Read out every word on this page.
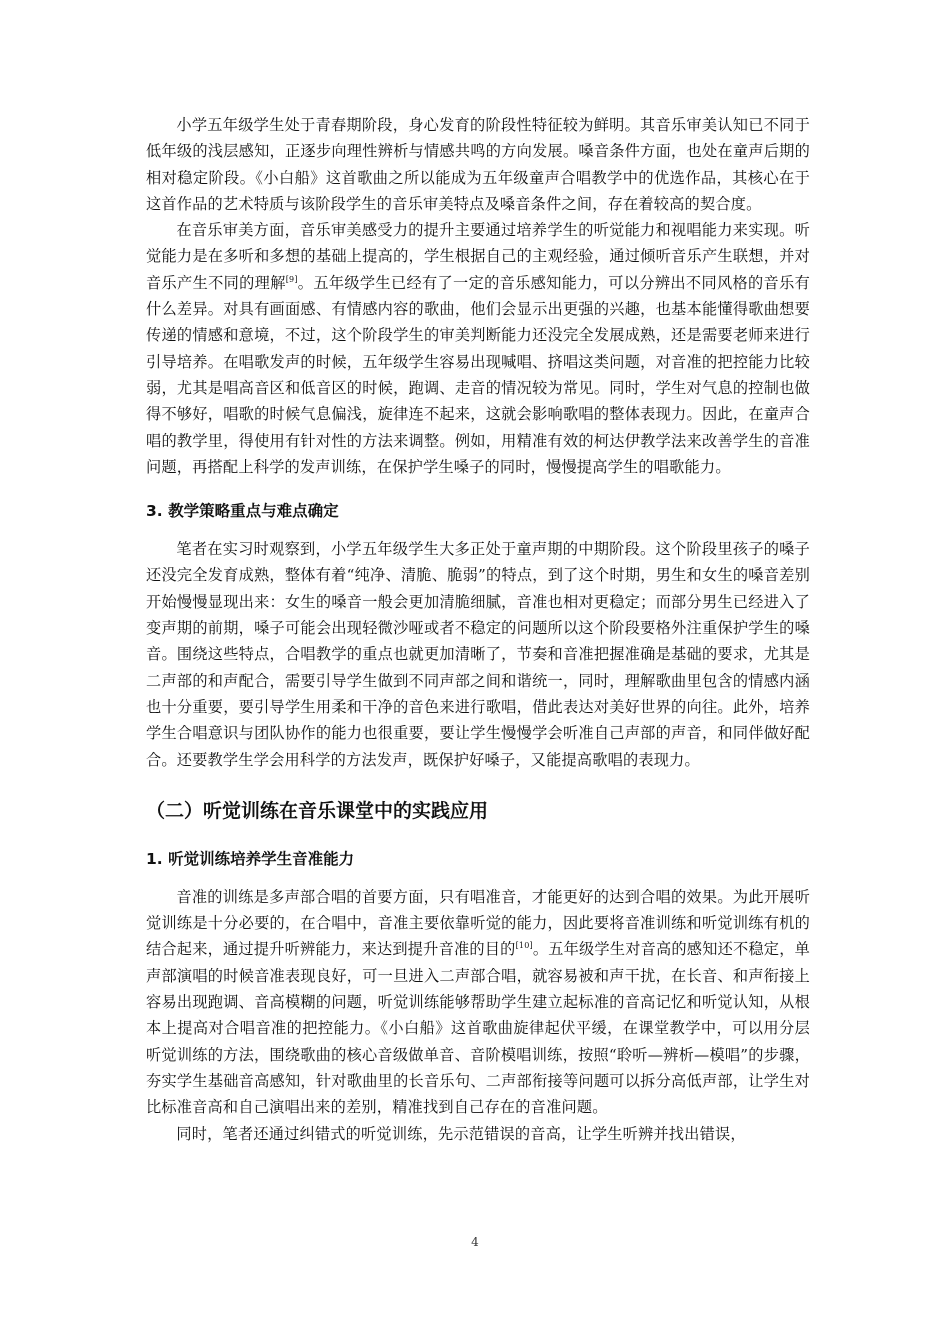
小学五年级学生处于青春期阶段，身心发育的阶段性特征较为鲜明。其音乐审美认知已不同于低年级的浅层感知，正逐步向理性辨析与情感共鸣的方向发展。嗓音条件方面，也处在童声后期的相对稳定阶段。《小白船》这首歌曲之所以能成为五年级童声合唱教学中的优选作品，其核心在于这首作品的艺术特质与该阶段学生的音乐审美特点及嗓音条件之间，存在着较高的契合度。

在音乐审美方面，音乐审美感受力的提升主要通过培养学生的听觉能力和视唱能力来实现。听觉能力是在多听和多想的基础上提高的，学生根据自己的主观经验，通过倾听音乐产生联想，并对音乐产生不同的理解[9]。五年级学生已经有了一定的音乐感知能力，可以分辨出不同风格的音乐有什么差异。对具有画面感、有情感内容的歌曲，他们会显示出更强的兴趣，也基本能懂得歌曲想要传递的情感和意境，不过，这个阶段学生的审美判断能力还没完全发展成熟，还是需要老师来进行引导培养。在唱歌发声的时候，五年级学生容易出现喊唱、挤唱这类问题，对音准的把控能力比较弱，尤其是唱高音区和低音区的时候，跑调、走音的情况较为常见。同时，学生对气息的控制也做得不够好，唱歌的时候气息偏浅，旋律连不起来，这就会影响歌唱的整体表现力。因此，在童声合唱的教学里，得使用有针对性的方法来调整。例如，用精准有效的柯达伊教学法来改善学生的音准问题，再搭配上科学的发声训练，在保护学生嗓子的同时，慢慢提高学生的唱歌能力。

3. 教学策略重点与难点确定

笔者在实习时观察到，小学五年级学生大多正处于童声期的中期阶段。这个阶段里孩子的嗓子还没完全发育成熟，整体有着“纯净、清脆、脆弱”的特点，到了这个时期，男生和女生的嗓音差别开始慢慢显现出来：女生的嗓音一般会更加清脆细腻，音准也相对更稳定；而部分男生已经进入了变声期的前期，嗓子可能会出现轻微沙哑或者不稳定的问题所以这个阶段要格外注重保护学生的嗓音。围绕这些特点，合唱教学的重点也就更加清晰了，节奏和音准把握准确是基础的要求，尤其是二声部的和声配合，需要引导学生做到不同声部之间和谐统一，同时，理解歌曲里包含的情感内涵也十分重要，要引导学生用柔和干净的音色来进行歌唱，借此表达对美好世界的向往。此外，培养学生合唱意识与团队协作的能力也很重要，要让学生慢慢学会听准自己声部的声音，和同伴做好配合。还要教学生学会用科学的方法发声，既保护好嗓子，又能提高歌唱的表现力。

（二）听觉训练在音乐课堂中的实践应用
1. 听觉训练培养学生音准能力

音准的训练是多声部合唱的首要方面，只有唱准音，才能更好的达到合唱的效果。为此开展听觉训练是十分必要的，在合唱中，音准主要依靠听觉的能力，因此要将音准训练和听觉训练有机的结合起来，通过提升听辨能力，来达到提升音准的目的[10]。五年级学生对音高的感知还不稳定，单声部演唱的时候音准表现良好，可一旦进入二声部合唱，就容易被和声干扰，在长音、和声衔接上容易出现跑调、音高模糊的问题，听觉训练能够帮助学生建立起标准的音高记忆和听觉认知，从根本上提高对合唱音准的把控能力。《小白船》这首歌曲旋律起伏平缓，在课堂教学中，可以用分层听觉训练的方法，围绕歌曲的核心音级做单音、音阶模唱训练，按照“聆听—辨析—模唱”的步骤，夯实学生基础音高感知，针对歌曲里的长音乐句、二声部衔接等问题可以拆分高低声部，让学生对比标准音高和自己演唱出来的差别，精准找到自己存在的音准问题。

同时，笔者还通过纠错式的听觉训练，先示范错误的音高，让学生听辨并找出错误，

4
